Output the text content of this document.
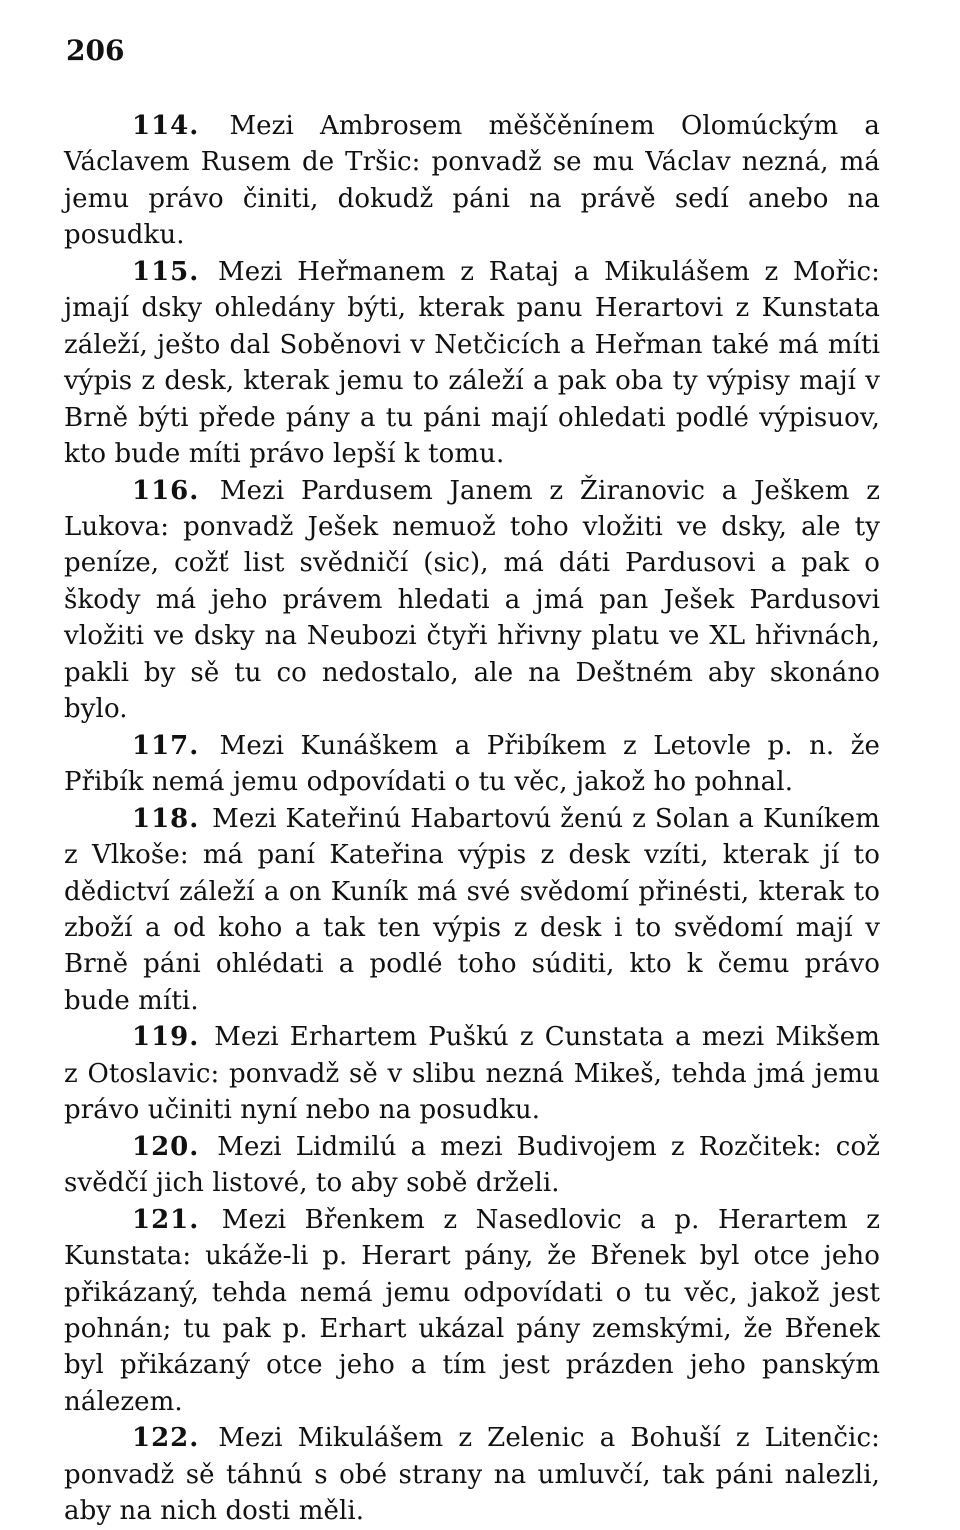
206

114. Mezi Ambrosem měščěnínem Olomúckým a Václavem Rusem de Tršic: ponvadž se mu Václav nezná, má jemu právo činiti, dokudž páni na právě sedí anebo na posudku.

115. Mezi Heřmanem z Rataj a Mikulášem z Mořic: jmají dsky ohledány býti, kterak panu Herartovi z Kunstata záleží, ješto dal Soběnovi v Netčicích a Heřman také má míti výpis z desk, kterak jemu to záleží a pak oba ty výpisy mají v Brně býti přede pány a tu páni mají ohledati podlé výpisuov, kto bude míti právo lepší k tomu.

116. Mezi Pardusem Janem z Žiranovic a Ješkem z Lukova: ponvadž Ješek nemuož toho vložiti ve dsky, ale ty peníze, cožť list svědničí (sic), má dáti Pardusovi a pak o škody má jeho právem hledati a jmá pan Ješek Pardusovi vložiti ve dsky na Neubozi čtyři hřivny platu ve XL hřivnách, pakli by sě tu co nedostalo, ale na Deštném aby skonáno bylo.

117. Mezi Kunáškem a Přibíkem z Letovle p. n. že Přibík nemá jemu odpovídati o tu věc, jakož ho pohnal.

118. Mezi Kateřinú Habartovú ženú z Solan a Kuníkem z Vlkoše: má paní Kateřina výpis z desk vzíti, kterak jí to dědictví záleží a on Kuník má své svědomí přinésti, kterak to zboží a od koho a tak ten výpis z desk i to svědomí mají v Brně páni ohlédati a podlé toho súditi, kto k čemu právo bude míti.

119. Mezi Erhartem Puškú z Cunstata a mezi Mikšem z Otoslavic: ponvadž sě v slibu nezná Mikeš, tehda jmá jemu právo učiniti nyní nebo na posudku.

120. Mezi Lidmilú a mezi Budivojem z Rozčitek: což svědčí jich listové, to aby sobě drželi.

121. Mezi Břenkem z Nasedlovic a p. Herartem z Kunstata: ukáže-li p. Herart pány, že Břenek byl otce jeho přikázaný, tehda nemá jemu odpovídati o tu věc, jakož jest pohnán; tu pak p. Erhart ukázal pány zemskými, že Břenek byl přikázaný otce jeho a tím jest prázden jeho panským nálezem.

122. Mezi Mikulášem z Zelenic a Bohuší z Litenčic: ponvadž sě táhnú s obé strany na umluvčí, tak páni nalezli, aby na nich dosti měli.
